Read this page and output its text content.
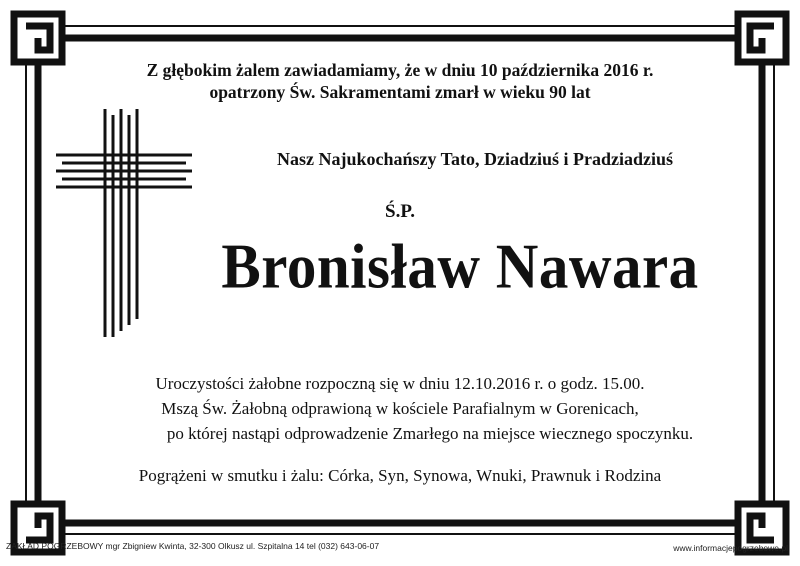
Z głębokim żalem zawiadamiamy, że w dniu 10 października 2016 r.
opatrzony Św. Sakramentami zmarł w wieku 90 lat
Nasz Najukochańszy Tato, Dziadziuś i Pradziadziuś
Ś.P.
Bronisław Nawara
Uroczystości żałobne rozpoczną się w dniu 12.10.2016 r. o godz. 15.00.
Mszą Św. Żałobną odprawioną w kościele Parafialnym w Gorenicach,
po której nastąpi odprowadzenie Zmarłego na miejsce wiecznego spoczynku.
Pogrążeni w smutku i żalu: Córka, Syn, Synowa, Wnuki, Prawnuk i Rodzina
ZAKŁAD POGRZEBOWY mgr Zbigniew Kwinta, 32-300 Olkusz ul. Szpitalna 14 tel (032) 643-06-07	www.informacjepogrzebowe.pl
